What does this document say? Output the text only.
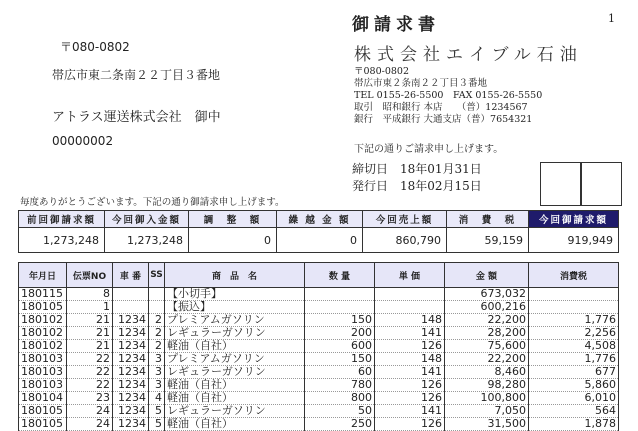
御請求書	1
〒080-0802
帯広市東二条南２２丁目３番地
アトラス運送株式会社　御中
00000002
株式会社エイブル石油
〒080-0802
帯広市東２条南２２丁目３番地
TEL 0155-26-5500　FAX 0155-26-5550
取引　昭和銀行 本店　　（普）1234567
銀行　平成銀行 大通支店（普）7654321
下記の通りご請求申し上げます。
締切日　18年01月31日
発行日　18年02月15日
毎度ありがとうございます。下記の通り御請求申し上げます。
前回御請求額	今回御入金額	調　整　額	繰 越 金 額	今回売上額	消　費　税	今回御請求額
1,273,248	1,273,248	0	0	860,790	59,159	919,949
年月日	伝票NO	車 番	SS	商　品　名	数 量	単 価	金 額	消費税
180115	8			【小切手】			673,032	
180105	1			【振込】			600,216	
180102	21	1234	2	プレミアムガソリン	150	148	22,200	1,776
180102	21	1234	2	レギュラーガソリン	200	141	28,200	2,256
180102	21	1234	2	軽油（自社）	600	126	75,600	4,508
180103	22	1234	3	プレミアムガソリン	150	148	22,200	1,776
180103	22	1234	3	レギュラーガソリン	60	141	8,460	677
180103	22	1234	3	軽油（自社）	780	126	98,280	5,860
180104	23	1234	4	軽油（自社）	800	126	100,800	6,010
180105	24	1234	5	レギュラーガソリン	50	141	7,050	564
180105	24	1234	5	軽油（自社）	250	126	31,500	1,878
